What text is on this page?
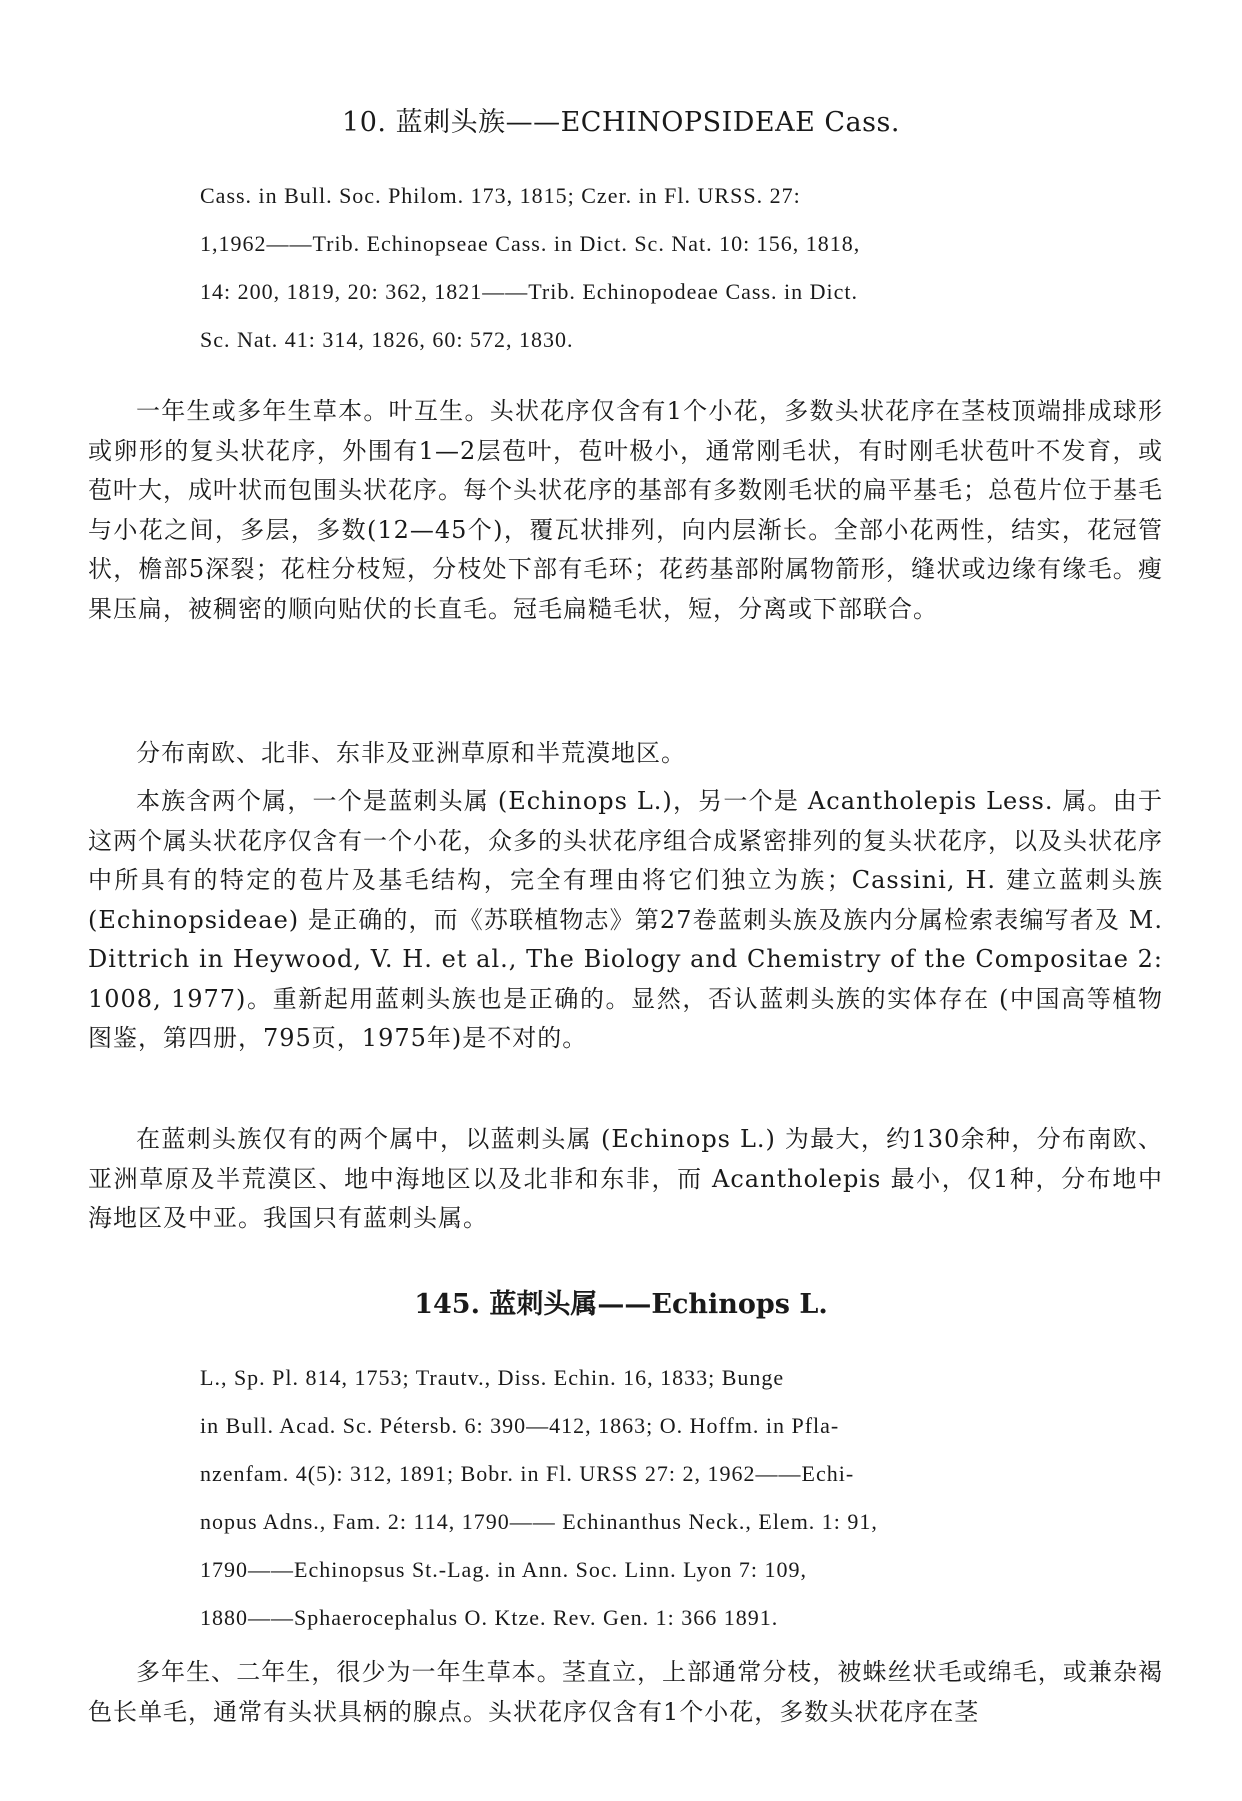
10. 蓝刺头族——ECHINOPSIDEAE Cass.
Cass. in Bull. Soc. Philom. 173, 1815; Czer. in Fl. URSS. 27:
1,1962——Trib. Echinopseae Cass. in Dict. Sc. Nat. 10: 156, 1818,
14: 200, 1819, 20: 362, 1821——Trib. Echinopodeae Cass. in Dict.
Sc. Nat. 41: 314, 1826, 60: 572, 1830.

一年生或多年生草本。叶互生。头状花序仅含有1个小花，多数头状花序在茎枝顶端排成球形或卵形的复头状花序，外围有1—2层苞叶，苞叶极小，通常刚毛状，有时刚毛状苞叶不发育，或苞叶大，成叶状而包围头状花序。每个头状花序的基部有多数刚毛状的扁平基毛；总苞片位于基毛与小花之间，多层，多数(12—45个)，覆瓦状排列，向内层渐长。全部小花两性，结实，花冠管状，檐部5深裂；花柱分枝短，分枝处下部有毛环；花药基部附属物箭形，缝状或边缘有缘毛。瘦果压扁，被稠密的顺向贴伏的长直毛。冠毛扁糙毛状，短，分离或下部联合。

分布南欧、北非、东非及亚洲草原和半荒漠地区。

本族含两个属，一个是蓝刺头属 (Echinops L.)，另一个是 Acantholepis Less. 属。由于这两个属头状花序仅含有一个小花，众多的头状花序组合成紧密排列的复头状花序，以及头状花序中所具有的特定的苞片及基毛结构，完全有理由将它们独立为族；Cassini, H. 建立蓝刺头族 (Echinopsideae) 是正确的，而《苏联植物志》第27卷蓝刺头族及族内分属检索表编写者及 M. Dittrich in Heywood, V. H. et al., The Biology and Chemistry of the Compositae 2: 1008, 1977)。重新起用蓝刺头族也是正确的。显然，否认蓝刺头族的实体存在 (中国高等植物图鉴，第四册，795页，1975年)是不对的。

在蓝刺头族仅有的两个属中，以蓝刺头属 (Echinops L.) 为最大，约130余种，分布南欧、亚洲草原及半荒漠区、地中海地区以及北非和东非，而 Acantholepis 最小，仅1种，分布地中海地区及中亚。我国只有蓝刺头属。

145. 蓝刺头属——Echinops L.
L., Sp. Pl. 814, 1753; Trautv., Diss. Echin. 16, 1833; Bunge
in Bull. Acad. Sc. Pétersb. 6: 390—412, 1863; O. Hoffm. in Pfla-
nzenfam. 4(5): 312, 1891; Bobr. in Fl. URSS 27: 2, 1962——Echi-
nopus Adns., Fam. 2: 114, 1790—— Echinanthus Neck., Elem. 1: 91,
1790——Echinopsus St.-Lag. in Ann. Soc. Linn. Lyon 7: 109,
1880——Sphaerocephalus O. Ktze. Rev. Gen. 1: 366 1891.

多年生、二年生，很少为一年生草本。茎直立，上部通常分枝，被蛛丝状毛或绵毛，或兼杂褐色长单毛，通常有头状具柄的腺点。头状花序仅含有1个小花，多数头状花序在茎
